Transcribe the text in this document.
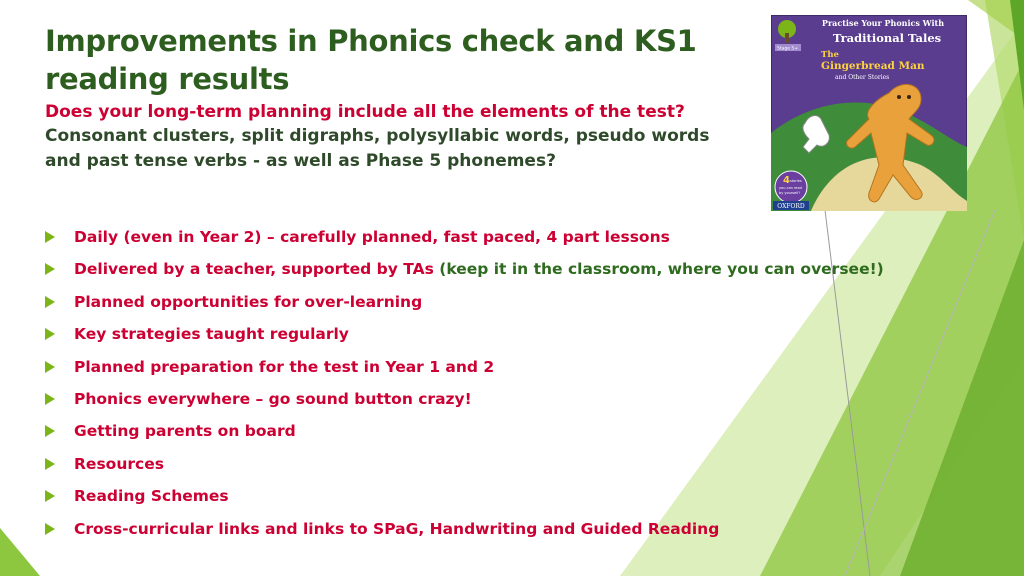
Improvements in Phonics check and KS1 reading results

Does your long-term planning include all the elements of the test?

Consonant clusters, split digraphs, polysyllabic words, pseudo words and past tense verbs - as well as Phase 5 phonemes?

Daily (even in Year 2) – carefully planned, fast paced, 4 part lessons
Delivered by a teacher, supported by TAs (keep it in the classroom, where you can oversee!)
Planned opportunities for over-learning
Key strategies taught regularly
Planned preparation for the test in Year 1 and 2
Phonics everywhere – go sound button crazy!
Getting parents on board
Resources
Reading Schemes
Cross-curricular links and links to SPaG, Handwriting and Guided Reading
Stage 5+
Practise Your Phonics With
Traditional Tales
The
Gingerbread Man
and Other Stories
4 stories
you can read
by yourself!
OXFORD
